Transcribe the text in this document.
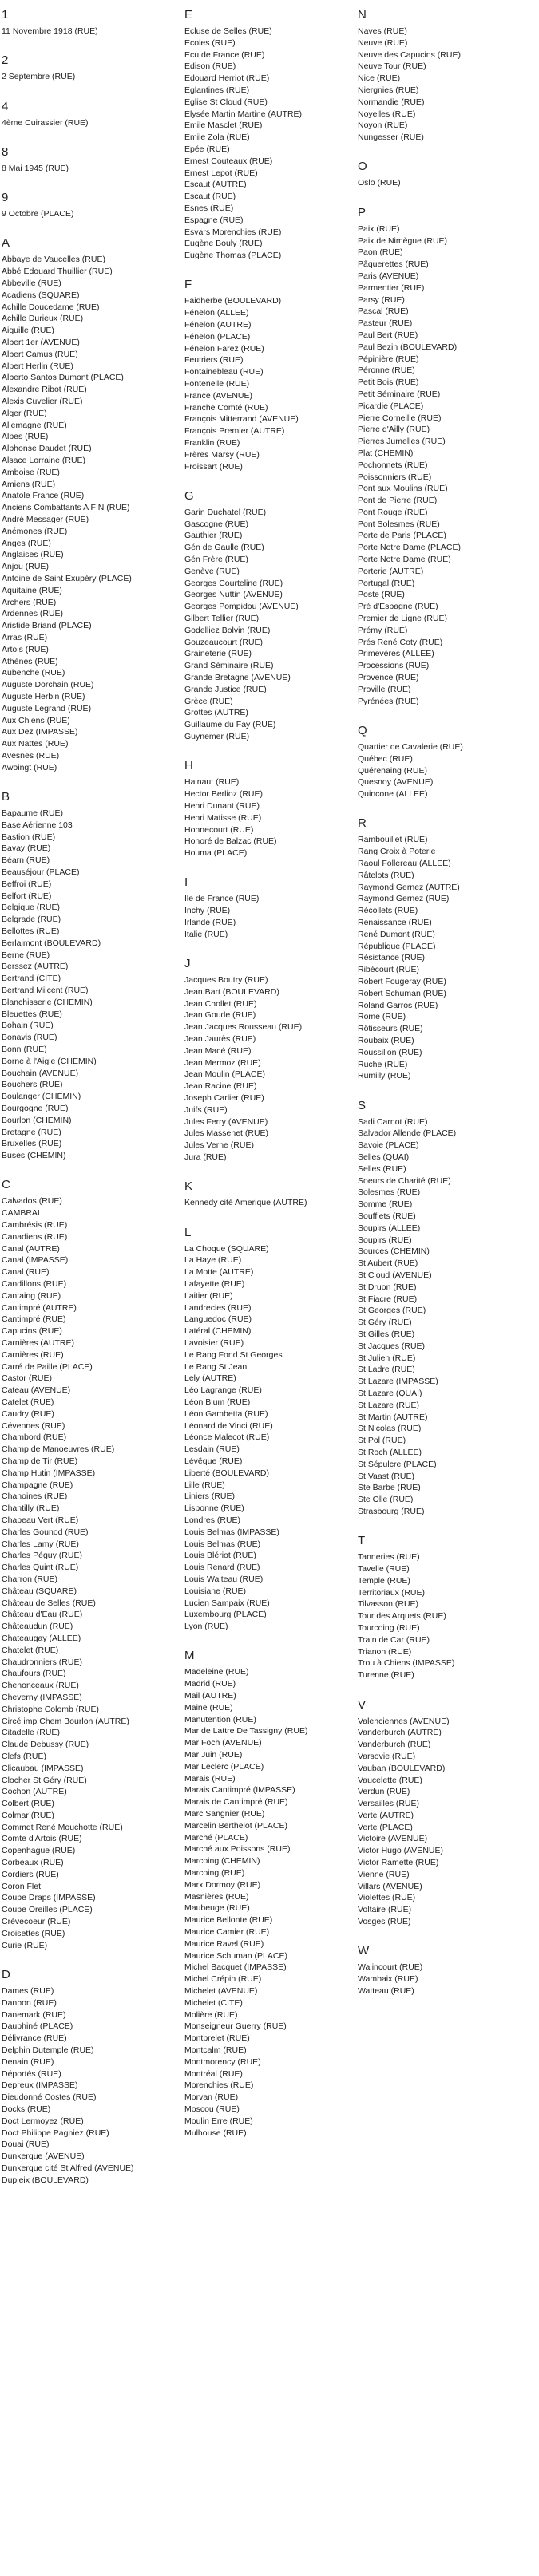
1
11 Novembre 1918 (RUE)
2
2 Septembre (RUE)
4
4ème Cuirassier (RUE)
8
8 Mai 1945 (RUE)
9
9 Octobre (PLACE)
A
Abbaye de Vaucelles (RUE)
Abbé Edouard Thuillier (RUE)
Abbeville (RUE)
Acadiens (SQUARE)
Achille Doucedame (RUE)
Achille Durieux (RUE)
Aiguille (RUE)
Albert 1er (AVENUE)
Albert Camus (RUE)
Albert Herlin (RUE)
Alberto Santos Dumont (PLACE)
Alexandre Ribot (RUE)
Alexis Cuvelier (RUE)
Alger (RUE)
Allemagne (RUE)
Alpes (RUE)
Alphonse Daudet (RUE)
Alsace Lorraine (RUE)
Amboise (RUE)
Amiens (RUE)
Anatole France (RUE)
Anciens Combattants A F N (RUE)
André Messager (RUE)
Anémones (RUE)
Anges (RUE)
Anglaises (RUE)
Anjou (RUE)
Antoine de Saint Exupéry (PLACE)
Aquitaine (RUE)
Archers (RUE)
Ardennes (RUE)
Aristide Briand (PLACE)
Arras (RUE)
Artois (RUE)
Athènes (RUE)
Aubenche (RUE)
Auguste Dorchain (RUE)
Auguste Herbin (RUE)
Auguste Legrand (RUE)
Aux Chiens (RUE)
Aux Dez (IMPASSE)
Aux Nattes (RUE)
Avesnes (RUE)
Awoingt (RUE)
B
Bapaume (RUE)
Base Aérienne 103
Bastion (RUE)
Bavay (RUE)
Béarn (RUE)
Beauséjour (PLACE)
Beffroi (RUE)
Belfort (RUE)
Belgique (RUE)
Belgrade (RUE)
Bellottes (RUE)
Berlaimont (BOULEVARD)
Berne (RUE)
Berssez (AUTRE)
Bertrand (CITE)
Bertrand Milcent (RUE)
Blanchisserie (CHEMIN)
Bleuettes (RUE)
Bohain (RUE)
Bonavis (RUE)
Bonn (RUE)
Borne à l'Aigle (CHEMIN)
Bouchain (AVENUE)
Bouchers (RUE)
Boulanger (CHEMIN)
Bourgogne (RUE)
Bourlon (CHEMIN)
Bretagne (RUE)
Bruxelles (RUE)
Buses (CHEMIN)
C
Calvados (RUE)
CAMBRAI
Cambrésis (RUE)
Canadiens (RUE)
Canal (AUTRE)
Canal (IMPASSE)
Canal (RUE)
Candillons (RUE)
Cantaing (RUE)
Cantimpré (AUTRE)
Cantimpré (RUE)
Capucins (RUE)
Carnières (AUTRE)
Carnières (RUE)
Carré de Paille (PLACE)
Castor (RUE)
Cateau (AVENUE)
Catelet (RUE)
Caudry (RUE)
Cévennes (RUE)
Chambord (RUE)
Champ de Manoeuvres (RUE)
Champ de Tir (RUE)
Champ Hutin (IMPASSE)
Champagne (RUE)
Chanoines (RUE)
Chantilly (RUE)
Chapeau Vert (RUE)
Charles Gounod (RUE)
Charles Lamy (RUE)
Charles Péguy (RUE)
Charles Quint (RUE)
Charron (RUE)
Château (SQUARE)
Château de Selles (RUE)
Château d'Eau (RUE)
Châteaudun (RUE)
Chateaugay (ALLEE)
Chatelet (RUE)
Chaudronniers (RUE)
Chaufours (RUE)
Chenonceaux (RUE)
Cheverny (IMPASSE)
Christophe Colomb (RUE)
Circé imp Chem Bourlon (AUTRE)
Citadelle (RUE)
Claude Debussy (RUE)
Clefs (RUE)
Clicaubau (IMPASSE)
Clocher St Géry (RUE)
Cochon (AUTRE)
Colbert (RUE)
Colmar (RUE)
Commdt René Mouchotte (RUE)
Comte d'Artois (RUE)
Copenhague (RUE)
Corbeaux (RUE)
Cordiers (RUE)
Coron Flet
Coupe Draps (IMPASSE)
Coupe Oreilles (PLACE)
Crèvecoeur (RUE)
Croisettes (RUE)
Curie (RUE)
D
Dames (RUE)
Danbon (RUE)
Danemark (RUE)
Dauphiné (PLACE)
Délivrance (RUE)
Delphin Dutemple (RUE)
Denain (RUE)
Déportés (RUE)
Depreux (IMPASSE)
Dieudonné Costes (RUE)
Docks (RUE)
Doct Lermoyez (RUE)
Doct Philippe Pagniez (RUE)
Douai (RUE)
Dunkerque (AVENUE)
Dunkerque cité St Alfred (AVENUE)
Dupleix (BOULEVARD)
E
Ecluse de Selles (RUE)
Ecoles (RUE)
Ecu de France (RUE)
Edison (RUE)
Edouard Herriot (RUE)
Eglantines (RUE)
Eglise St Cloud (RUE)
Elysée Martin Martine (AUTRE)
Emile Masclet (RUE)
Emile Zola (RUE)
Epée (RUE)
Ernest Couteaux (RUE)
Ernest Lepot (RUE)
Escaut (AUTRE)
Escaut (RUE)
Esnes (RUE)
Espagne (RUE)
Esvars Morenchies (RUE)
Eugène Bouly (RUE)
Eugène Thomas (PLACE)
F
Faidherbe (BOULEVARD)
Fénelon (ALLEE)
Fénelon (AUTRE)
Fénelon (PLACE)
Fénelon Farez (RUE)
Feutriers (RUE)
Fontainebleau (RUE)
Fontenelle (RUE)
France (AVENUE)
Franche Comté (RUE)
François Mitterrand (AVENUE)
François Premier (AUTRE)
Franklin (RUE)
Frères Marsy (RUE)
Froissart (RUE)
G
Garin Duchatel (RUE)
Gascogne (RUE)
Gauthier (RUE)
Gén de Gaulle (RUE)
Gén Frère (RUE)
Genève (RUE)
Georges Courteline (RUE)
Georges Nuttin (AVENUE)
Georges Pompidou (AVENUE)
Gilbert Tellier (RUE)
Godelliez Bolvin (RUE)
Gouzeaucourt (RUE)
Graineterie (RUE)
Grand Séminaire (RUE)
Grande Bretagne (AVENUE)
Grande Justice (RUE)
Grèce (RUE)
Grottes (AUTRE)
Guillaume du Fay (RUE)
Guynemer (RUE)
H
Hainaut (RUE)
Hector Berlioz (RUE)
Henri Dunant (RUE)
Henri Matisse (RUE)
Honnecourt (RUE)
Honoré de Balzac (RUE)
Houma (PLACE)
I
Ile de France (RUE)
Inchy (RUE)
Irlande (RUE)
Italie (RUE)
J
Jacques Boutry (RUE)
Jean Bart (BOULEVARD)
Jean Chollet (RUE)
Jean Goude (RUE)
Jean Jacques Rousseau (RUE)
Jean Jaurès (RUE)
Jean Macé (RUE)
Jean Mermoz (RUE)
Jean Moulin (PLACE)
Jean Racine (RUE)
Joseph Carlier (RUE)
Juifs (RUE)
Jules Ferry (AVENUE)
Jules Massenet (RUE)
Jules Verne (RUE)
Jura (RUE)
K
Kennedy cité Amerique (AUTRE)
L
La Choque (SQUARE)
La Haye (RUE)
La Motte (AUTRE)
Lafayette (RUE)
Laitier (RUE)
Landrecies (RUE)
Languedoc (RUE)
Latéral (CHEMIN)
Lavoisier (RUE)
Le Rang Fond St Georges
Le Rang St Jean
Lely (AUTRE)
Léo Lagrange (RUE)
Léon Blum (RUE)
Léon Gambetta (RUE)
Léonard de Vinci (RUE)
Léonce Malecot (RUE)
Lesdain (RUE)
Lévêque (RUE)
Liberté (BOULEVARD)
Lille (RUE)
Liniers (RUE)
Lisbonne (RUE)
Londres (RUE)
Louis Belmas (IMPASSE)
Louis Belmas (RUE)
Louis Blériot (RUE)
Louis Renard (RUE)
Louis Waiteau (RUE)
Louisiane (RUE)
Lucien Sampaix (RUE)
Luxembourg (PLACE)
Lyon (RUE)
M
Madeleine (RUE)
Madrid (RUE)
Mail (AUTRE)
Maine (RUE)
Manutention (RUE)
Mar de Lattre De Tassigny (RUE)
Mar Foch (AVENUE)
Mar Juin (RUE)
Mar Leclerc (PLACE)
Marais (RUE)
Marais Cantimpré (IMPASSE)
Marais de Cantimpré (RUE)
Marc Sangnier (RUE)
Marcelin Berthelot (PLACE)
Marché (PLACE)
Marché aux Poissons (RUE)
Marcoing (CHEMIN)
Marcoing (RUE)
Marx Dormoy (RUE)
Masnières (RUE)
Maubeuge (RUE)
Maurice Bellonte (RUE)
Maurice Camier (RUE)
Maurice Ravel (RUE)
Maurice Schuman (PLACE)
Michel Bacquet (IMPASSE)
Michel Crépin (RUE)
Michelet (AVENUE)
Michelet (CITE)
Molière (RUE)
Monseigneur Guerry (RUE)
Montbrelet (RUE)
Montcalm (RUE)
Montmorency (RUE)
Montréal (RUE)
Morenchies (RUE)
Morvan (RUE)
Moscou (RUE)
Moulin Erre (RUE)
Mulhouse (RUE)
N
Naves (RUE)
Neuve (RUE)
Neuve des Capucins (RUE)
Neuve Tour (RUE)
Nice (RUE)
Niergnies (RUE)
Normandie (RUE)
Noyelles (RUE)
Noyon (RUE)
Nungesser (RUE)
O
Oslo (RUE)
P
Paix (RUE)
Paix de Nimègue (RUE)
Paon (RUE)
Pâquerettes (RUE)
Paris (AVENUE)
Parmentier (RUE)
Parsy (RUE)
Pascal (RUE)
Pasteur (RUE)
Paul Bert (RUE)
Paul Bezin (BOULEVARD)
Pépinière (RUE)
Péronne (RUE)
Petit Bois (RUE)
Petit Séminaire (RUE)
Picardie (PLACE)
Pierre Corneille (RUE)
Pierre d'Ailly (RUE)
Pierres Jumelles (RUE)
Plat (CHEMIN)
Pochonnets (RUE)
Poissonniers (RUE)
Pont aux Moulins (RUE)
Pont de Pierre (RUE)
Pont Rouge (RUE)
Pont Solesmes (RUE)
Porte de Paris (PLACE)
Porte Notre Dame (PLACE)
Porte Notre Dame (RUE)
Porterie (AUTRE)
Portugal (RUE)
Poste (RUE)
Pré d'Espagne (RUE)
Premier de Ligne (RUE)
Prémy (RUE)
Prés René Coty (RUE)
Primevères (ALLEE)
Processions (RUE)
Provence (RUE)
Proville (RUE)
Pyrénées (RUE)
Q
Quartier de Cavalerie (RUE)
Québec (RUE)
Quérenaing (RUE)
Quesnoy (AVENUE)
Quincone (ALLEE)
R
Rambouillet (RUE)
Rang Croix à Poterie
Raoul Follereau (ALLEE)
Râtelots (RUE)
Raymond Gernez (AUTRE)
Raymond Gernez (RUE)
Récollets (RUE)
Renaissance (RUE)
René Dumont (RUE)
République (PLACE)
Résistance (RUE)
Ribécourt (RUE)
Robert Fougeray (RUE)
Robert Schuman (RUE)
Roland Garros (RUE)
Rome (RUE)
Rôtisseurs (RUE)
Roubaix (RUE)
Roussillon (RUE)
Ruche (RUE)
Rumilly (RUE)
S
Sadi Carnot (RUE)
Salvador Allende (PLACE)
Savoie (PLACE)
Selles (QUAI)
Selles (RUE)
Soeurs de Charité (RUE)
Solesmes (RUE)
Somme (RUE)
Soufflets (RUE)
Soupirs (ALLEE)
Soupirs (RUE)
Sources (CHEMIN)
St Aubert (RUE)
St Cloud (AVENUE)
St Druon (RUE)
St Fiacre (RUE)
St Georges (RUE)
St Géry (RUE)
St Gilles (RUE)
St Jacques (RUE)
St Julien (RUE)
St Ladre (RUE)
St Lazare (IMPASSE)
St Lazare (QUAI)
St Lazare (RUE)
St Martin (AUTRE)
St Nicolas (RUE)
St Pol (RUE)
St Roch (ALLEE)
St Sépulcre (PLACE)
St Vaast (RUE)
Ste Barbe (RUE)
Ste Olle (RUE)
Strasbourg (RUE)
T
Tanneries (RUE)
Tavelle (RUE)
Temple (RUE)
Territoriaux (RUE)
Tilvasson (RUE)
Tour des Arquets (RUE)
Tourcoing (RUE)
Train de Car (RUE)
Trianon (RUE)
Trou à Chiens (IMPASSE)
Turenne (RUE)
V
Valenciennes (AVENUE)
Vanderburch (AUTRE)
Vanderburch (RUE)
Varsovie (RUE)
Vauban (BOULEVARD)
Vaucelette (RUE)
Verdun (RUE)
Versailles (RUE)
Verte (AUTRE)
Verte (PLACE)
Victoire (AVENUE)
Victor Hugo (AVENUE)
Victor Ramette (RUE)
Vienne (RUE)
Villars (AVENUE)
Violettes (RUE)
Voltaire (RUE)
Vosges (RUE)
W
Walincourt (RUE)
Wambaix (RUE)
Watteau (RUE)
